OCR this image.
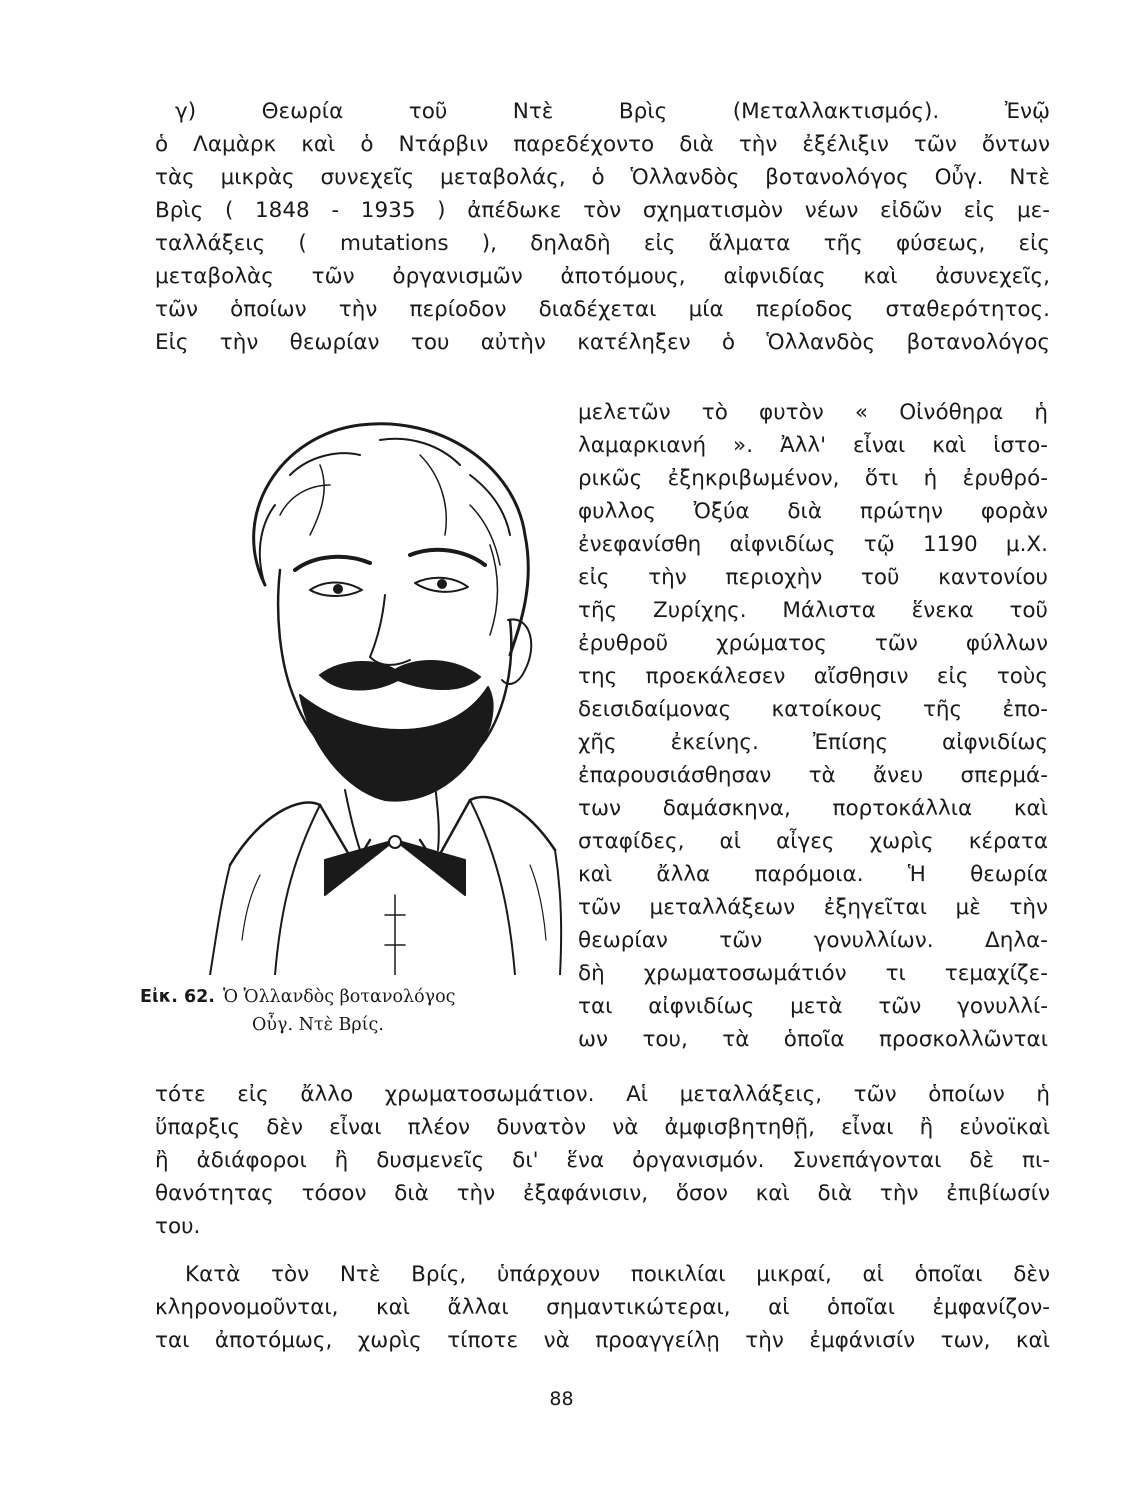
γ) Θεωρία τοῦ Ντὲ Βρὶς (Μεταλλακτισμός). Ἐνῷ
ὁ Λαμὰρκ καὶ ὁ Ντάρβιν παρεδέχοντο διὰ τὴν ἐξέλιξιν τῶν ὄντων
τὰς μικρὰς συνεχεῖς μεταβολάς, ὁ Ὁλλανδὸς βοτανολόγος Οὖγ. Ντὲ
Βρὶς ( 1848 - 1935 ) ἀπέδωκε τὸν σχηματισμὸν νέων εἰδῶν εἰς με-
ταλλάξεις ( mutations ), δηλαδὴ εἰς ἅλματα τῆς φύσεως, εἰς
μεταβολὰς τῶν ὀργανισμῶν ἀποτόμους, αἰφνιδίας καὶ ἀσυνεχεῖς,
τῶν ὁποίων τὴν περίοδον διαδέχεται μία περίοδος σταθερότητος.
Εἰς τὴν θεωρίαν του αὐτὴν κατέληξεν ὁ Ὁλλανδὸς βοτανολόγος
μελετῶν τὸ φυτὸν « Οἰνόθηρα ἡ
λαμαρκιανή ». Ἀλλ' εἶναι καὶ ἱστο-
ρικῶς ἐξηκριβωμένον, ὅτι ἡ ἐρυθρό-
φυλλος Ὀξύα διὰ πρώτην φορὰν
ἐνεφανίσθη αἰφνιδίως τῷ 1190 μ.Χ.
εἰς τὴν περιοχὴν τοῦ καντονίου
τῆς Ζυρίχης. Μάλιστα ἕνεκα τοῦ
ἐρυθροῦ χρώματος τῶν φύλλων
της προεκάλεσεν αἴσθησιν εἰς τοὺς
δεισιδαίμονας κατοίκους τῆς ἐπο-
χῆς ἐκείνης. Ἐπίσης αἰφνιδίως
ἐπαρουσιάσθησαν τὰ ἄνευ σπερμά-
των δαμάσκηνα, πορτοκάλλια καὶ
σταφίδες, αἱ αἶγες χωρὶς κέρατα
καὶ ἄλλα παρόμοια. Ἡ θεωρία
τῶν μεταλλάξεων ἐξηγεῖται μὲ τὴν
θεωρίαν τῶν γονυλλίων. Δηλα-
δὴ χρωματοσωμάτιόν τι τεμαχίζε-
ται αἰφνιδίως μετὰ τῶν γονυλλί-
ων του, τὰ ὁποῖα προσκολλῶνται
Εἰκ. 62. Ὁ Ὁλλανδὸς βοτανολόγος
Οὖγ. Ντὲ Βρίς.
τότε εἰς ἄλλο χρωματοσωμάτιον. Αἱ μεταλλάξεις, τῶν ὁποίων ἡ
ὕπαρξις δὲν εἶναι πλέον δυνατὸν νὰ ἀμφισβητηθῇ, εἶναι ἢ εὐνοϊκαὶ
ἢ ἀδιάφοροι ἢ δυσμενεῖς δι' ἕνα ὀργανισμόν. Συνεπάγονται δὲ πι-
θανότητας τόσον διὰ τὴν ἐξαφάνισιν, ὅσον καὶ διὰ τὴν ἐπιβίωσίν
του.
Κατὰ τὸν Ντὲ Βρίς, ὑπάρχουν ποικιλίαι μικραί, αἱ ὁποῖαι δὲν
κληρονομοῦνται, καὶ ἄλλαι σημαντικώτεραι, αἱ ὁποῖαι ἐμφανίζον-
ται ἀποτόμως, χωρὶς τίποτε νὰ προαγγείλῃ τὴν ἐμφάνισίν των, καὶ
88
